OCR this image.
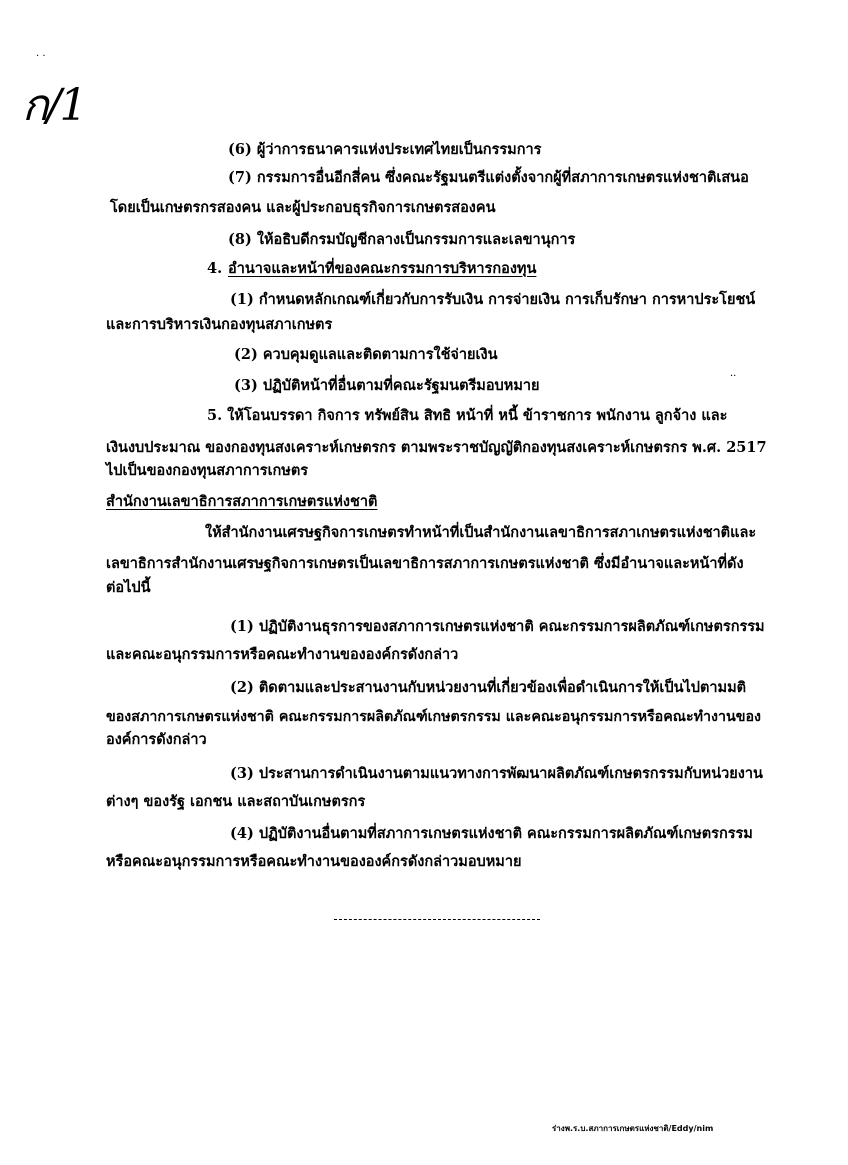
ก/1
· ·
··
(6) ผู้ว่าการธนาคารแห่งประเทศไทยเป็นกรรมการ
(7) กรรมการอื่นอีกสี่คน ซึ่งคณะรัฐมนตรีแต่งตั้งจากผู้ที่สภาการเกษตรแห่งชาติเสนอ
โดยเป็นเกษตรกรสองคน และผู้ประกอบธุรกิจการเกษตรสองคน
(8) ให้อธิบดีกรมบัญชีกลางเป็นกรรมการและเลขานุการ
4. อำนาจและหน้าที่ของคณะกรรมการบริหารกองทุน
(1) กำหนดหลักเกณฑ์เกี่ยวกับการรับเงิน การจ่ายเงิน การเก็บรักษา การหาประโยชน์
และการบริหารเงินกองทุนสภาเกษตร
(2) ควบคุมดูแลและติดตามการใช้จ่ายเงิน
(3) ปฏิบัติหน้าที่อื่นตามที่คณะรัฐมนตรีมอบหมาย
5. ให้โอนบรรดา กิจการ ทรัพย์สิน สิทธิ หน้าที่ หนี้ ข้าราชการ พนักงาน ลูกจ้าง และ
เงินงบประมาณ ของกองทุนสงเคราะห์เกษตรกร ตามพระราชบัญญัติกองทุนสงเคราะห์เกษตรกร พ.ศ. 2517
ไปเป็นของกองทุนสภาการเกษตร
สำนักงานเลขาธิการสภาการเกษตรแห่งชาติ
ให้สำนักงานเศรษฐกิจการเกษตรทำหน้าที่เป็นสำนักงานเลขาธิการสภาเกษตรแห่งชาติและ
เลขาธิการสำนักงานเศรษฐกิจการเกษตรเป็นเลขาธิการสภาการเกษตรแห่งชาติ ซึ่งมีอำนาจและหน้าที่ดัง
ต่อไปนี้
(1) ปฏิบัติงานธุรการของสภาการเกษตรแห่งชาติ คณะกรรมการผลิตภัณฑ์เกษตรกรรม
และคณะอนุกรรมการหรือคณะทำงานขององค์กรดังกล่าว
(2) ติดตามและประสานงานกับหน่วยงานที่เกี่ยวข้องเพื่อดำเนินการให้เป็นไปตามมติ
ของสภาการเกษตรแห่งชาติ คณะกรรมการผลิตภัณฑ์เกษตรกรรม และคณะอนุกรรมการหรือคณะทำงานของ
องค์การดังกล่าว
(3) ประสานการดำเนินงานตามแนวทางการพัฒนาผลิตภัณฑ์เกษตรกรรมกับหน่วยงาน
ต่างๆ ของรัฐ เอกชน และสถาบันเกษตรกร
(4) ปฏิบัติงานอื่นตามที่สภาการเกษตรแห่งชาติ คณะกรรมการผลิตภัณฑ์เกษตรกรรม
หรือคณะอนุกรรมการหรือคณะทำงานขององค์กรดังกล่าวมอบหมาย
ร่างพ.ร.บ.สภาการเกษตรแห่งชาติ/Eddy/nim
